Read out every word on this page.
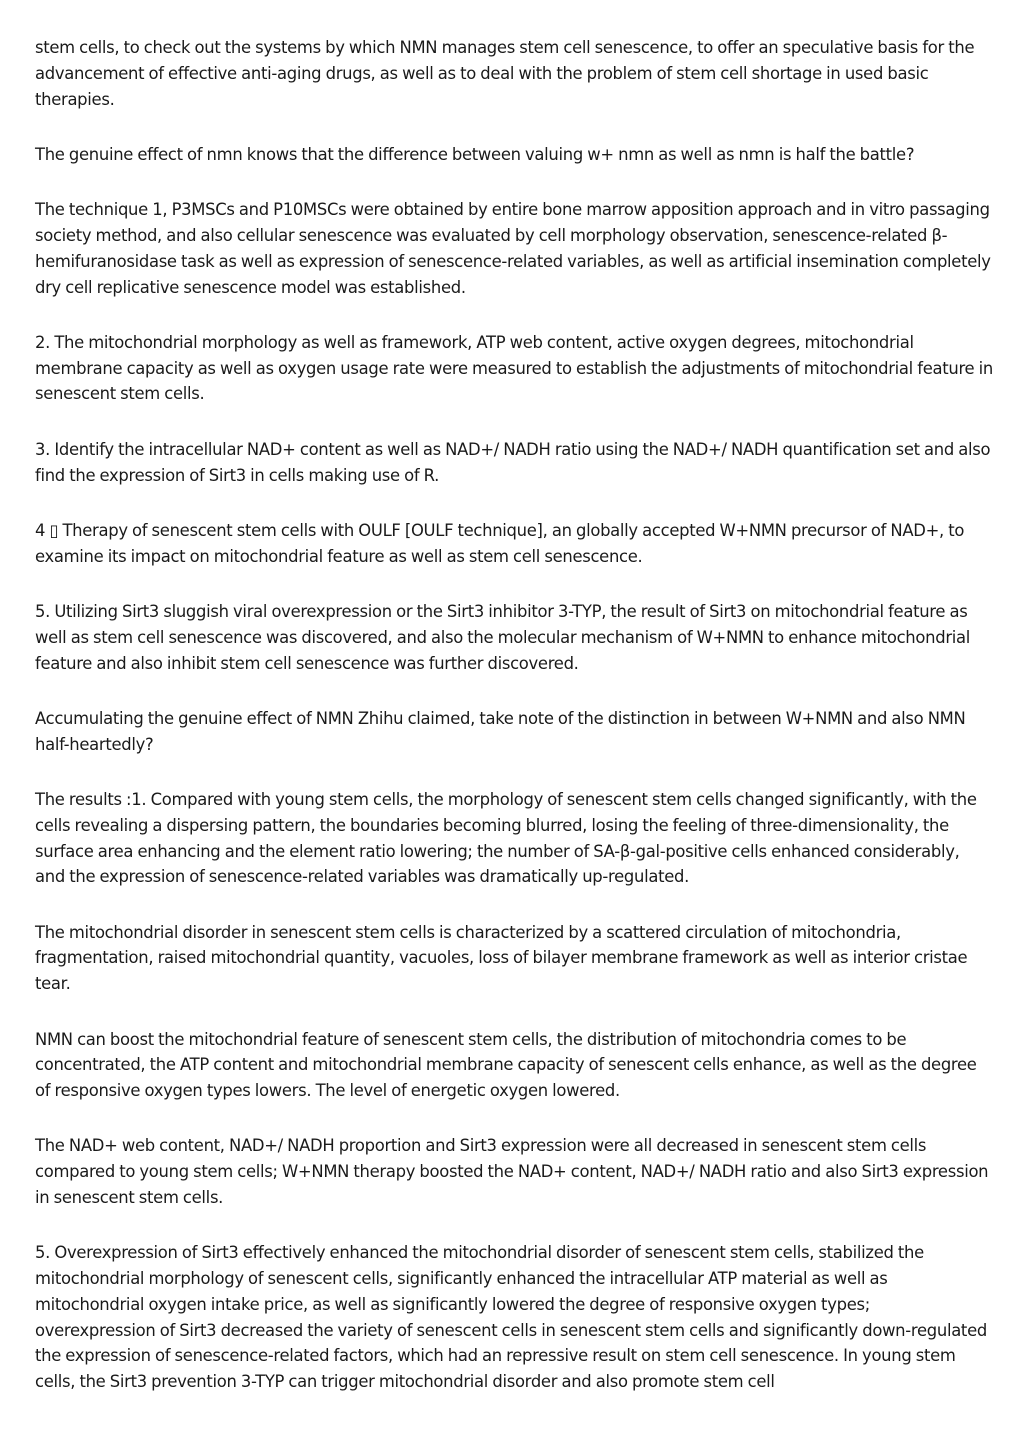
stem cells, to check out the systems by which NMN manages stem cell senescence, to offer an speculative basis for the advancement of effective anti-aging drugs, as well as to deal with the problem of stem cell shortage in used basic therapies.

The genuine effect of nmn knows that the difference between valuing w+ nmn as well as nmn is half the battle?

The technique 1, P3MSCs and P10MSCs were obtained by entire bone marrow apposition approach and in vitro passaging society method, and also cellular senescence was evaluated by cell morphology observation, senescence-related β-hemifuranosidase task as well as expression of senescence-related variables, as well as artificial insemination completely dry cell replicative senescence model was established.

2. The mitochondrial morphology as well as framework, ATP web content, active oxygen degrees, mitochondrial membrane capacity as well as oxygen usage rate were measured to establish the adjustments of mitochondrial feature in senescent stem cells.

3. Identify the intracellular NAD+ content as well as NAD+/ NADH ratio using the NAD+/ NADH quantification set and also find the expression of Sirt3 in cells making use of R.

4 ▯ Therapy of senescent stem cells with OULF [OULF technique], an globally accepted W+NMN precursor of NAD+, to examine its impact on mitochondrial feature as well as stem cell senescence.

5. Utilizing Sirt3 sluggish viral overexpression or the Sirt3 inhibitor 3-TYP, the result of Sirt3 on mitochondrial feature as well as stem cell senescence was discovered, and also the molecular mechanism of W+NMN to enhance mitochondrial feature and also inhibit stem cell senescence was further discovered.

Accumulating the genuine effect of NMN Zhihu claimed, take note of the distinction in between W+NMN and also NMN half-heartedly?

The results :1. Compared with young stem cells, the morphology of senescent stem cells changed significantly, with the cells revealing a dispersing pattern, the boundaries becoming blurred, losing the feeling of three-dimensionality, the surface area enhancing and the element ratio lowering; the number of SA-β-gal-positive cells enhanced considerably, and the expression of senescence-related variables was dramatically up-regulated.

The mitochondrial disorder in senescent stem cells is characterized by a scattered circulation of mitochondria, fragmentation, raised mitochondrial quantity, vacuoles, loss of bilayer membrane framework as well as interior cristae tear.

NMN can boost the mitochondrial feature of senescent stem cells, the distribution of mitochondria comes to be concentrated, the ATP content and mitochondrial membrane capacity of senescent cells enhance, as well as the degree of responsive oxygen types lowers. The level of energetic oxygen lowered.

The NAD+ web content, NAD+/ NADH proportion and Sirt3 expression were all decreased in senescent stem cells compared to young stem cells; W+NMN therapy boosted the NAD+ content, NAD+/ NADH ratio and also Sirt3 expression in senescent stem cells.

5. Overexpression of Sirt3 effectively enhanced the mitochondrial disorder of senescent stem cells, stabilized the mitochondrial morphology of senescent cells, significantly enhanced the intracellular ATP material as well as mitochondrial oxygen intake price, as well as significantly lowered the degree of responsive oxygen types; overexpression of Sirt3 decreased the variety of senescent cells in senescent stem cells and significantly down-regulated the expression of senescence-related factors, which had an repressive result on stem cell senescence. In young stem cells, the Sirt3 prevention 3-TYP can trigger mitochondrial disorder and also promote stem cell
